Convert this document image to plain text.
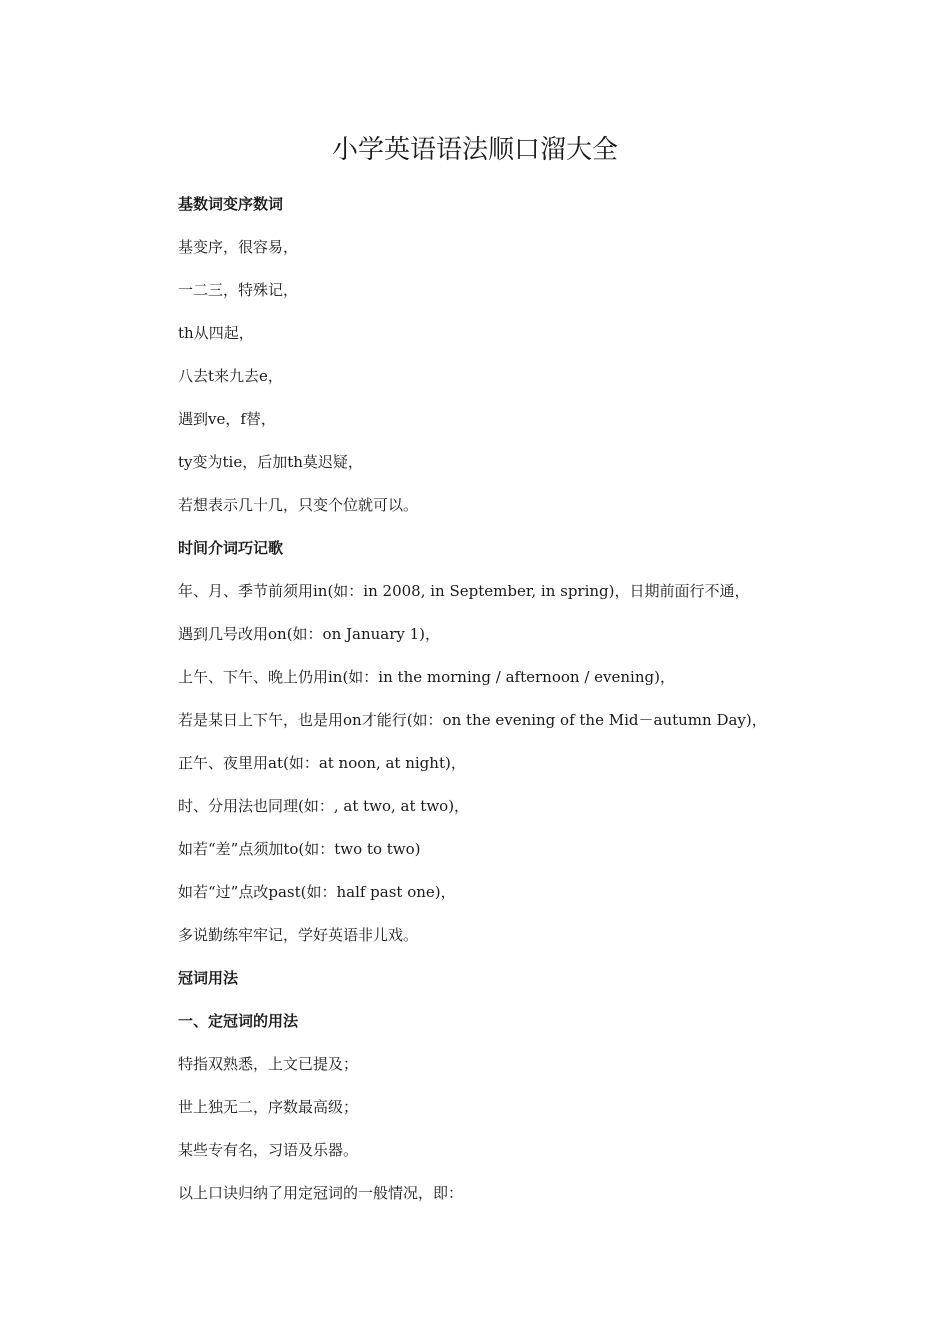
小学英语语法顺口溜大全
基数词变序数词
基变序，很容易，
一二三，特殊记，
th从四起，
八去t来九去e，
遇到ve，f替，
ty变为tie，后加th莫迟疑，
若想表示几十几，只变个位就可以。
时间介词巧记歌
年、月、季节前须用in(如：in 2008, in September, in spring)，日期前面行不通，
遇到几号改用on(如：on January 1)，
上午、下午、晚上仍用in(如：in the morning / afternoon / evening)，
若是某日上下午，也是用on才能行(如：on the evening of the Mid－autumn Day)，
正午、夜里用at(如：at noon, at night)，
时、分用法也同理(如：, at two, at two)，
如若“差”点须加to(如：two to two)
如若“过”点改past(如：half past one)，
多说勤练牢牢记，学好英语非儿戏。
冠词用法
一、定冠词的用法
特指双熟悉，上文已提及；
世上独无二，序数最高级；
某些专有名，习语及乐器。
以上口诀归纳了用定冠词的一般情况，即：
